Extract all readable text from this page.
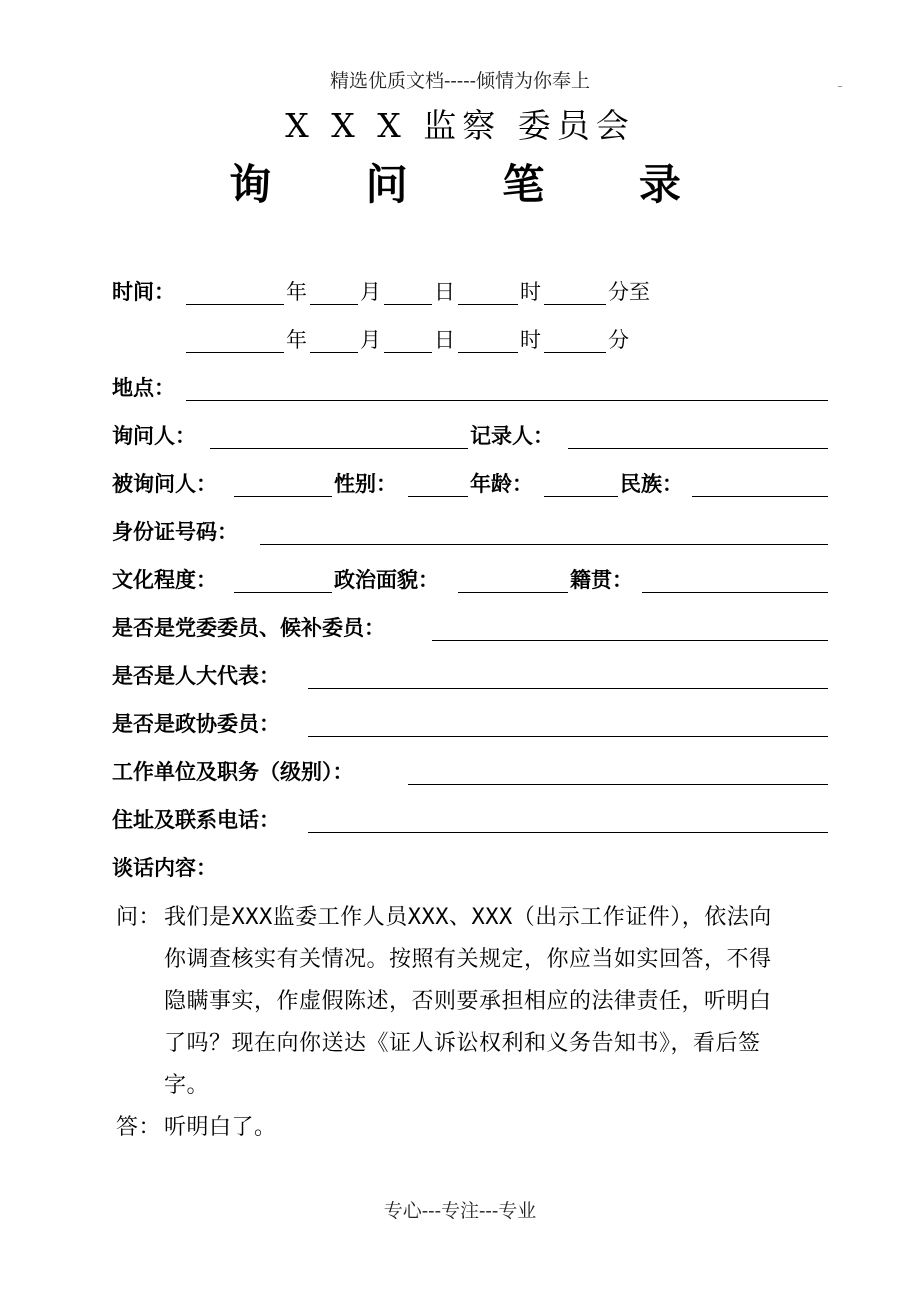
精选优质文档-----倾情为你奉上
X X X 监察 委员会
询 问 笔 录
时间：	年	月	日	时	分至
年	月	日	时	分
地点：
询问人：	记录人：
被询问人：	性别：	年龄：	民族：
身份证号码：
文化程度：	政治面貌：	籍贯：
是否是党委委员、候补委员：
是否是人大代表：
是否是政协委员：
工作单位及职务（级别）：
住址及联系电话：
谈话内容：
问： 我们是XXX监委工作人员XXX、XXX（出示工作证件），依法向
你调查核实有关情况。按照有关规定，你应当如实回答，不得
隐瞒事实，作虚假陈述，否则要承担相应的法律责任，听明白
了吗？现在向你送达《证人诉讼权利和义务告知书》，看后签
字。
答： 听明白了。
专心---专注---专业
